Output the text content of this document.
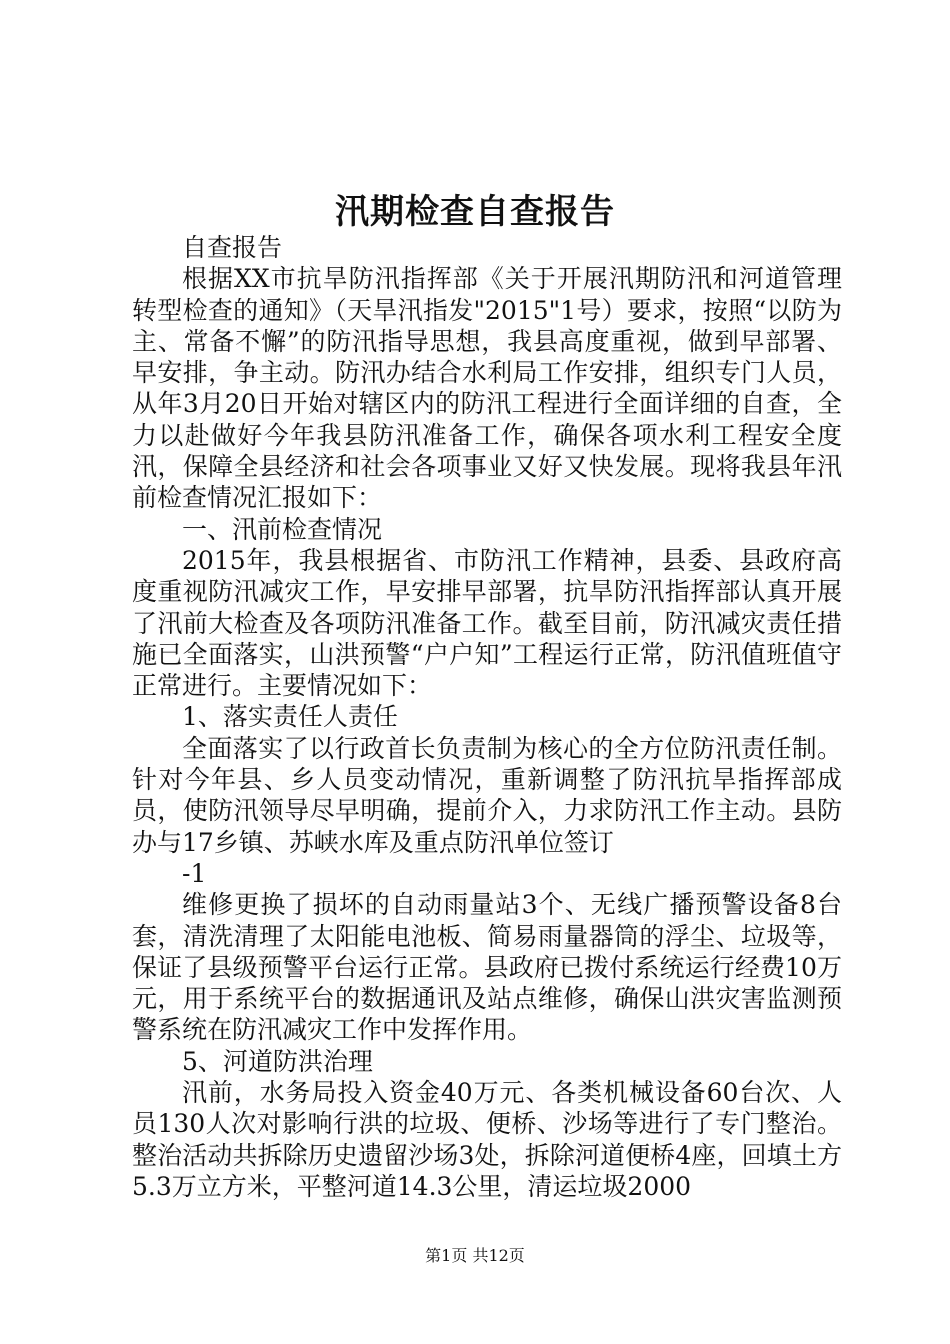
汛期检查自查报告

自查报告

根据XX市抗旱防汛指挥部《关于开展汛期防汛和河道管理转型检查的通知》（天旱汛指发"2015"1号）要求，按照“以防为主、常备不懈”的防汛指导思想，我县高度重视，做到早部署、早安排，争主动。防汛办结合水利局工作安排，组织专门人员，从年3月20日开始对辖区内的防汛工程进行全面详细的自查，全力以赴做好今年我县防汛准备工作，确保各项水利工程安全度汛，保障全县经济和社会各项事业又好又快发展。现将我县年汛前检查情况汇报如下：

一、汛前检查情况

2015年，我县根据省、市防汛工作精神，县委、县政府高度重视防汛减灾工作，早安排早部署，抗旱防汛指挥部认真开展了汛前大检查及各项防汛准备工作。截至目前，防汛减灾责任措施已全面落实，山洪预警“户户知”工程运行正常，防汛值班值守正常进行。主要情况如下：

1、落实责任人责任

全面落实了以行政首长负责制为核心的全方位防汛责任制。针对今年县、乡人员变动情况，重新调整了防汛抗旱指挥部成员，使防汛领导尽早明确，提前介入，力求防汛工作主动。县防办与17乡镇、苏峡水库及重点防汛单位签订

-1

维修更换了损坏的自动雨量站3个、无线广播预警设备8台套，清洗清理了太阳能电池板、简易雨量器筒的浮尘、垃圾等，保证了县级预警平台运行正常。县政府已拨付系统运行经费10万元，用于系统平台的数据通讯及站点维修，确保山洪灾害监测预警系统在防汛减灾工作中发挥作用。

5、河道防洪治理

汛前，水务局投入资金40万元、各类机械设备60台次、人员130人次对影响行洪的垃圾、便桥、沙场等进行了专门整治。整治活动共拆除历史遗留沙场3处，拆除河道便桥4座，回填土方5.3万立方米，平整河道14.3公里，清运垃圾2000

第1页 共12页
